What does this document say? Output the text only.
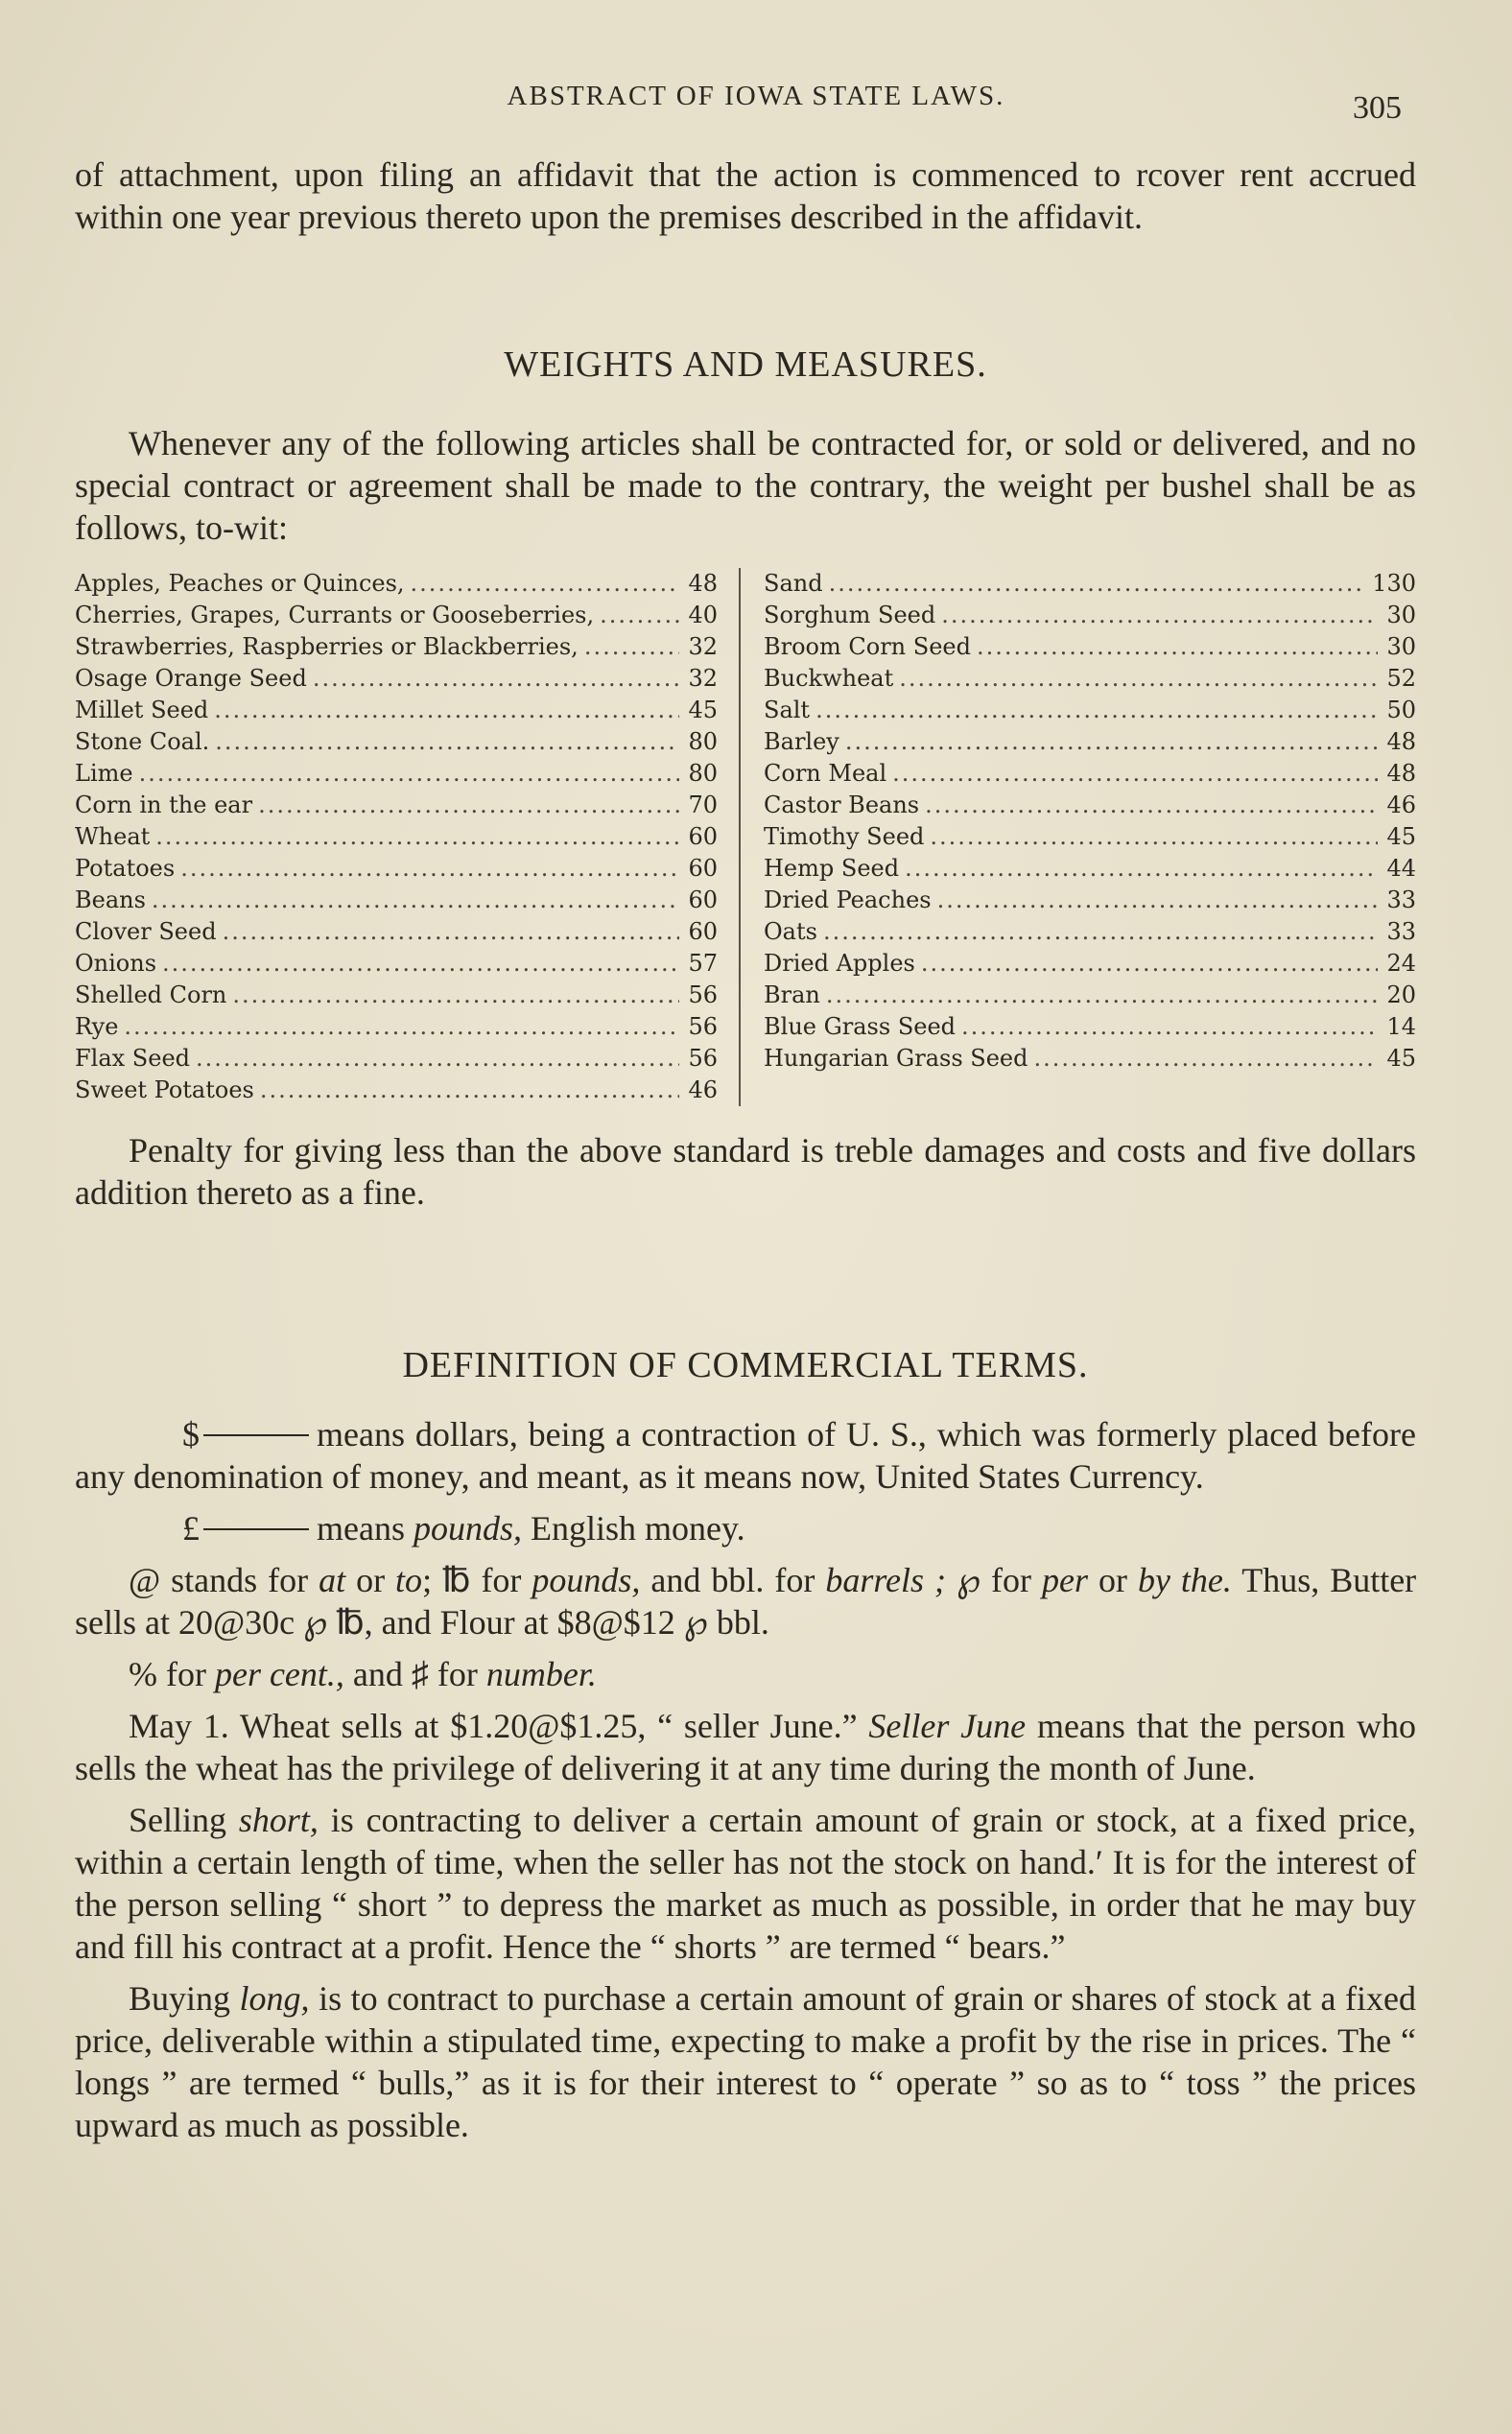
ABSTRACT OF IOWA STATE LAWS.	305

of attachment, upon filing an affidavit that the action is commenced to rcover rent accrued within one year previous thereto upon the premises described in the affidavit.

WEIGHTS AND MEASURES.

Whenever any of the following articles shall be contracted for, or sold or delivered, and no special contract or agreement shall be made to the contrary, the weight per bushel shall be as follows, to-wit:

Apples, Peaches or Quinces, .....	48
Cherries, Grapes, Currants or Gooseberries, .....	40
Strawberries, Raspberries or Blackberries, .....	32
Osage Orange Seed .....	32
Millet Seed .....	45
Stone Coal. .....	80
Lime .....	80
Corn in the ear .....	70
Wheat .....	60
Potatoes .....	60
Beans .....	60
Clover Seed .....	60
Onions .....	57
Shelled Corn .....	56
Rye .....	56
Flax Seed .....	56
Sweet Potatoes .....	46
Sand .....	130
Sorghum Seed .....	30
Broom Corn Seed .....	30
Buckwheat .....	52
Salt .....	50
Barley .....	48
Corn Meal .....	48
Castor Beans .....	46
Timothy Seed .....	45
Hemp Seed .....	44
Dried Peaches .....	33
Oats .....	33
Dried Apples .....	24
Bran .....	20
Blue Grass Seed .....	14
Hungarian Grass Seed .....	45

Penalty for giving less than the above standard is treble damages and costs and five dollars addition thereto as a fine.

DEFINITION OF COMMERCIAL TERMS.

$	means dollars, being a contraction of U. S., which was formerly placed before any denomination of money, and meant, as it means now, United States Currency.

£	means pounds, English money.

@ stands for at or to; ℔ for pounds, and bbl. for barrels ; ℘ for per or by the. Thus, Butter sells at 20@30c ℘ ℔, and Flour at $8@$12 ℘ bbl.

% for per cent., and ♯ for number.

May 1. Wheat sells at $1.20@$1.25, “ seller June.” Seller June means that the person who sells the wheat has the privilege of delivering it at any time during the month of June.

Selling short, is contracting to deliver a certain amount of grain or stock, at a fixed price, within a certain length of time, when the seller has not the stock on hand.′ It is for the interest of the person selling “ short ” to depress the market as much as possible, in order that he may buy and fill his contract at a profit. Hence the “ shorts ” are termed “ bears.”

Buying long, is to contract to purchase a certain amount of grain or shares of stock at a fixed price, deliverable within a stipulated time, expecting to make a profit by the rise in prices. The “ longs ” are termed “ bulls,” as it is for their interest to “ operate ” so as to “ toss ” the prices upward as much as possible.
